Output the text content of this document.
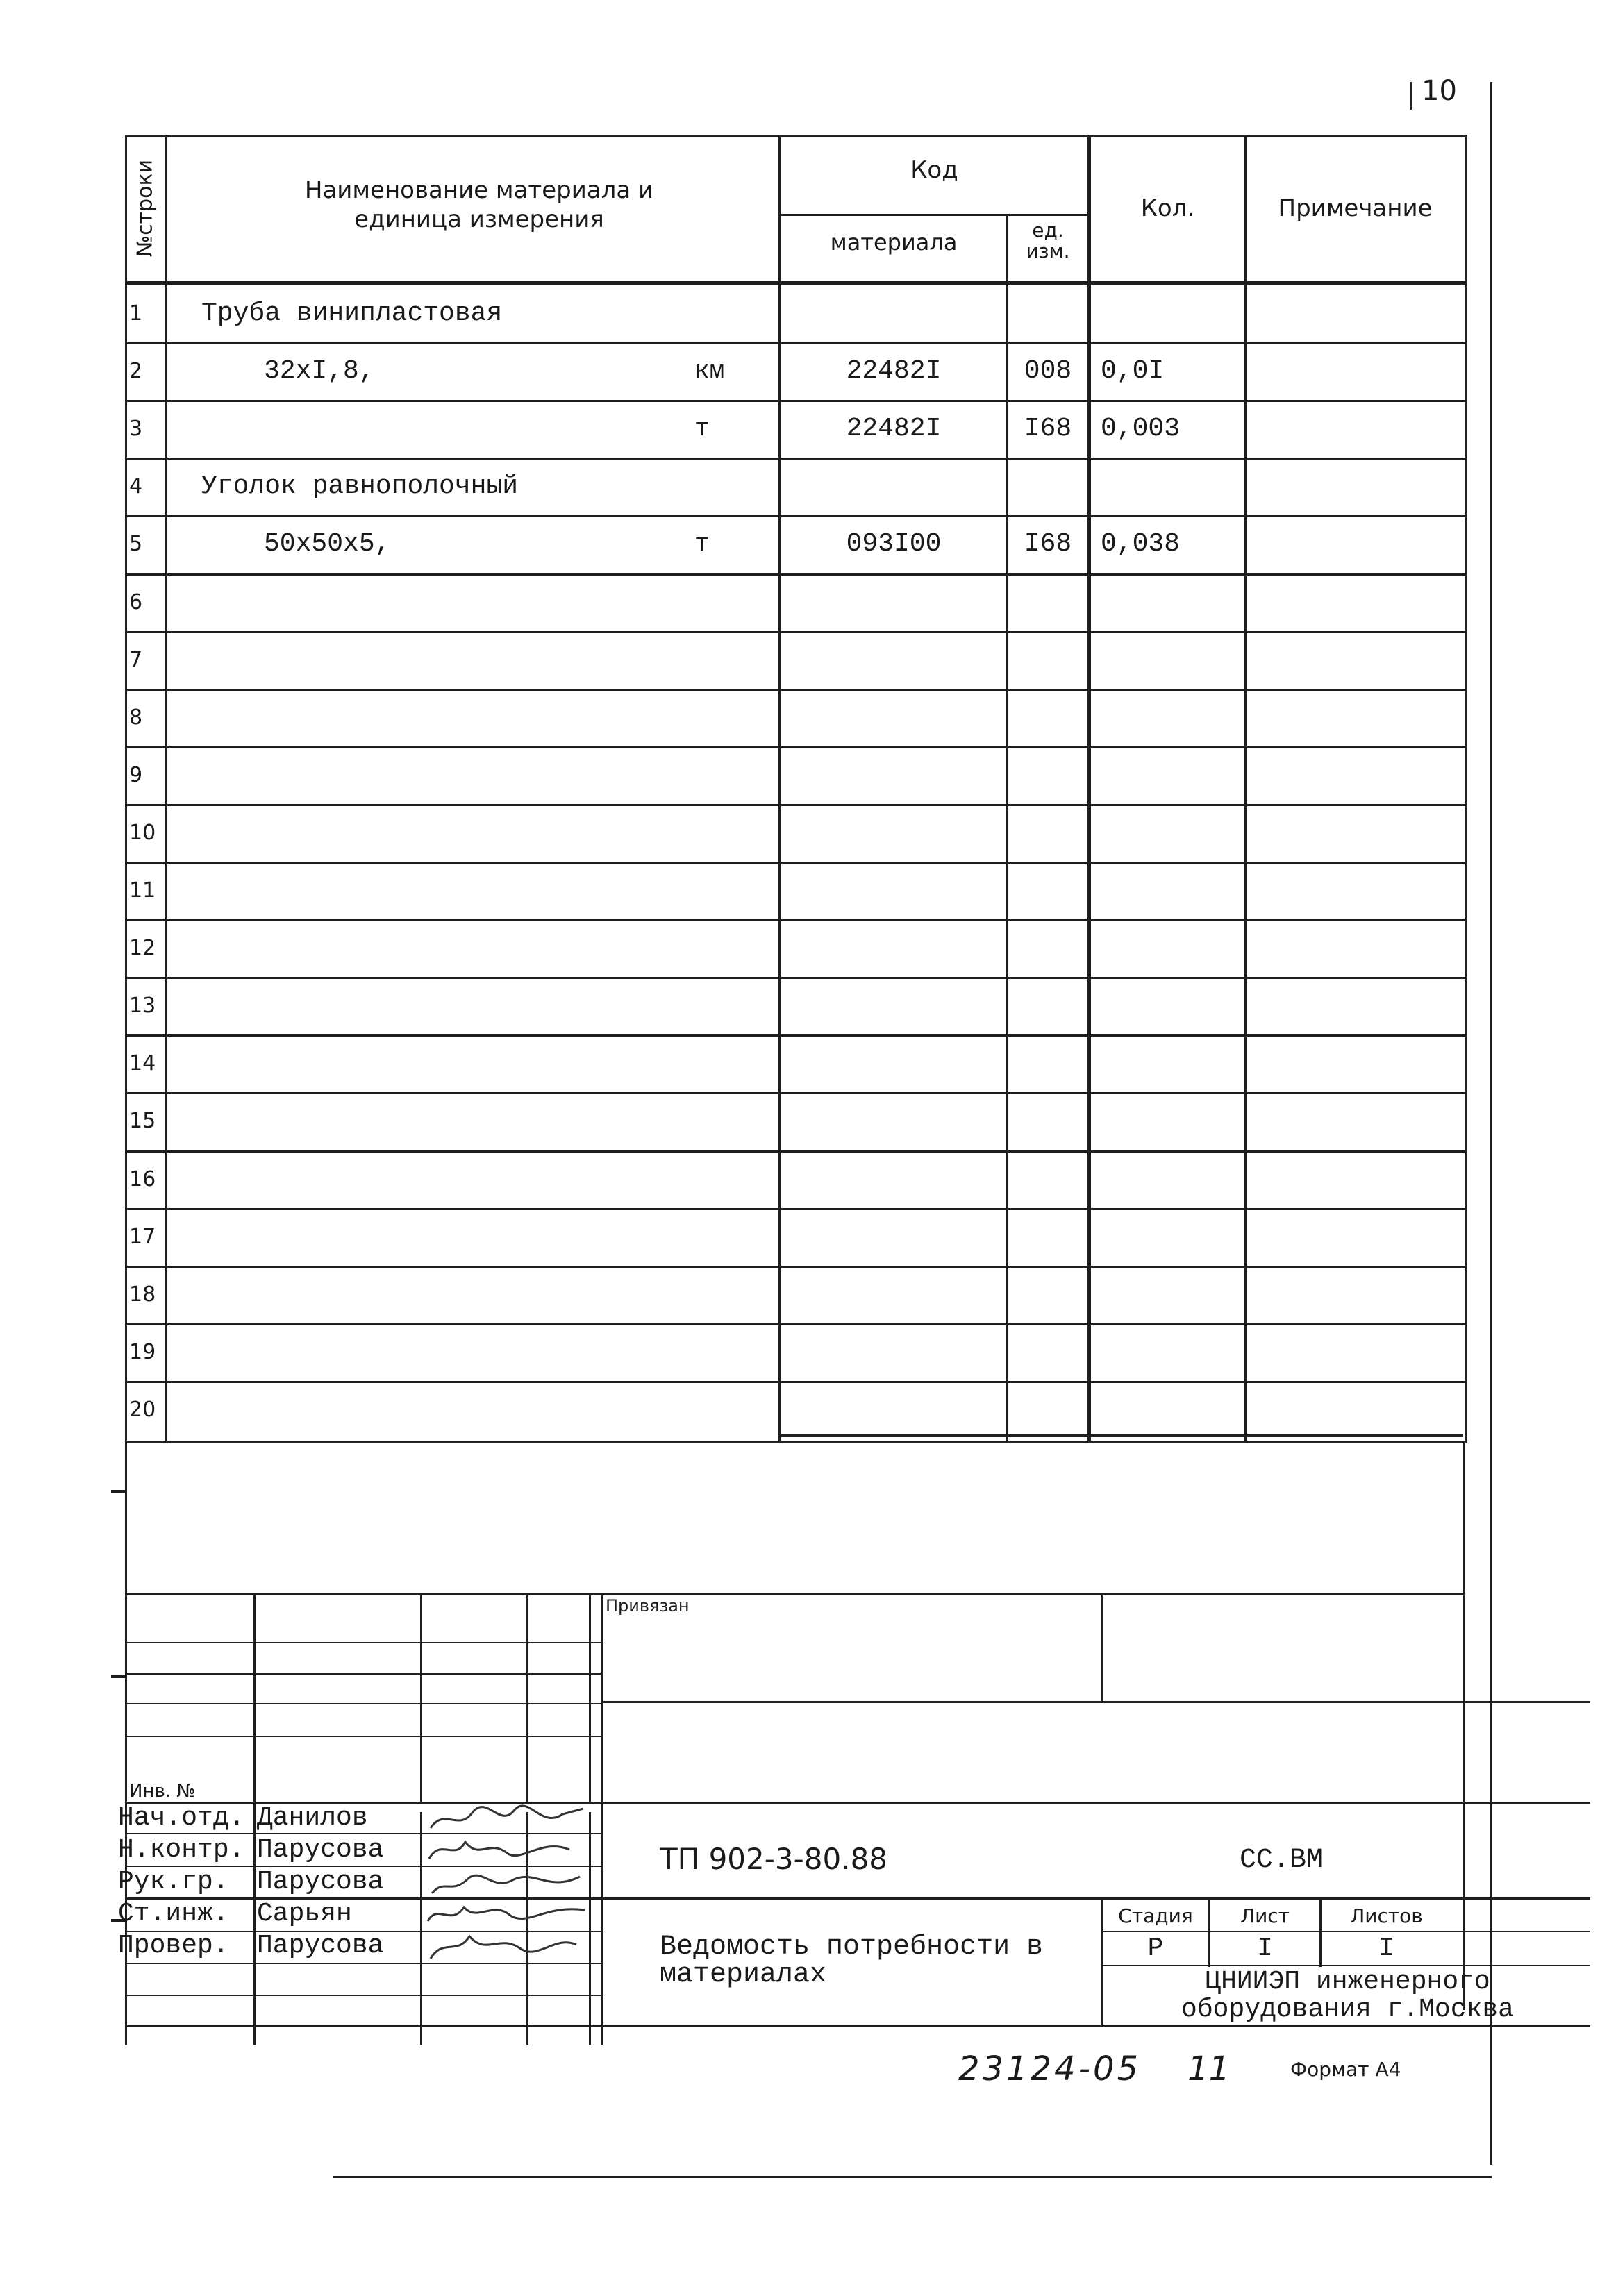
10
№строки	Наименование материала и единица измерения
Код
материала	ед. изм.
Кол.	Примечание
1	Труба винипластовая
2	32хI,8,	км	22482I	008	0,0I
3	т	22482I	I68	0,003
4	Уголок равнополочный
5	50х50х5,	т	093I00	I68	0,038
6
7
8
9
10
11
12
13
14
15
16
17
18
19
20
Привязан
Инв. №
ТП 902-3-80.88	СС.ВМ
Ведомость потребности в материалах
Стадия	Лист	Листов
Р	I	I
ЦНИИЭП инженерного оборудования г.Москва
Нач.отд. Данилов
Н.контр. Парусова
Рук.гр.	Парусова
Ст.инж.	Сарьян
Провер.	Парусова
23124-05 11	Формат А4
